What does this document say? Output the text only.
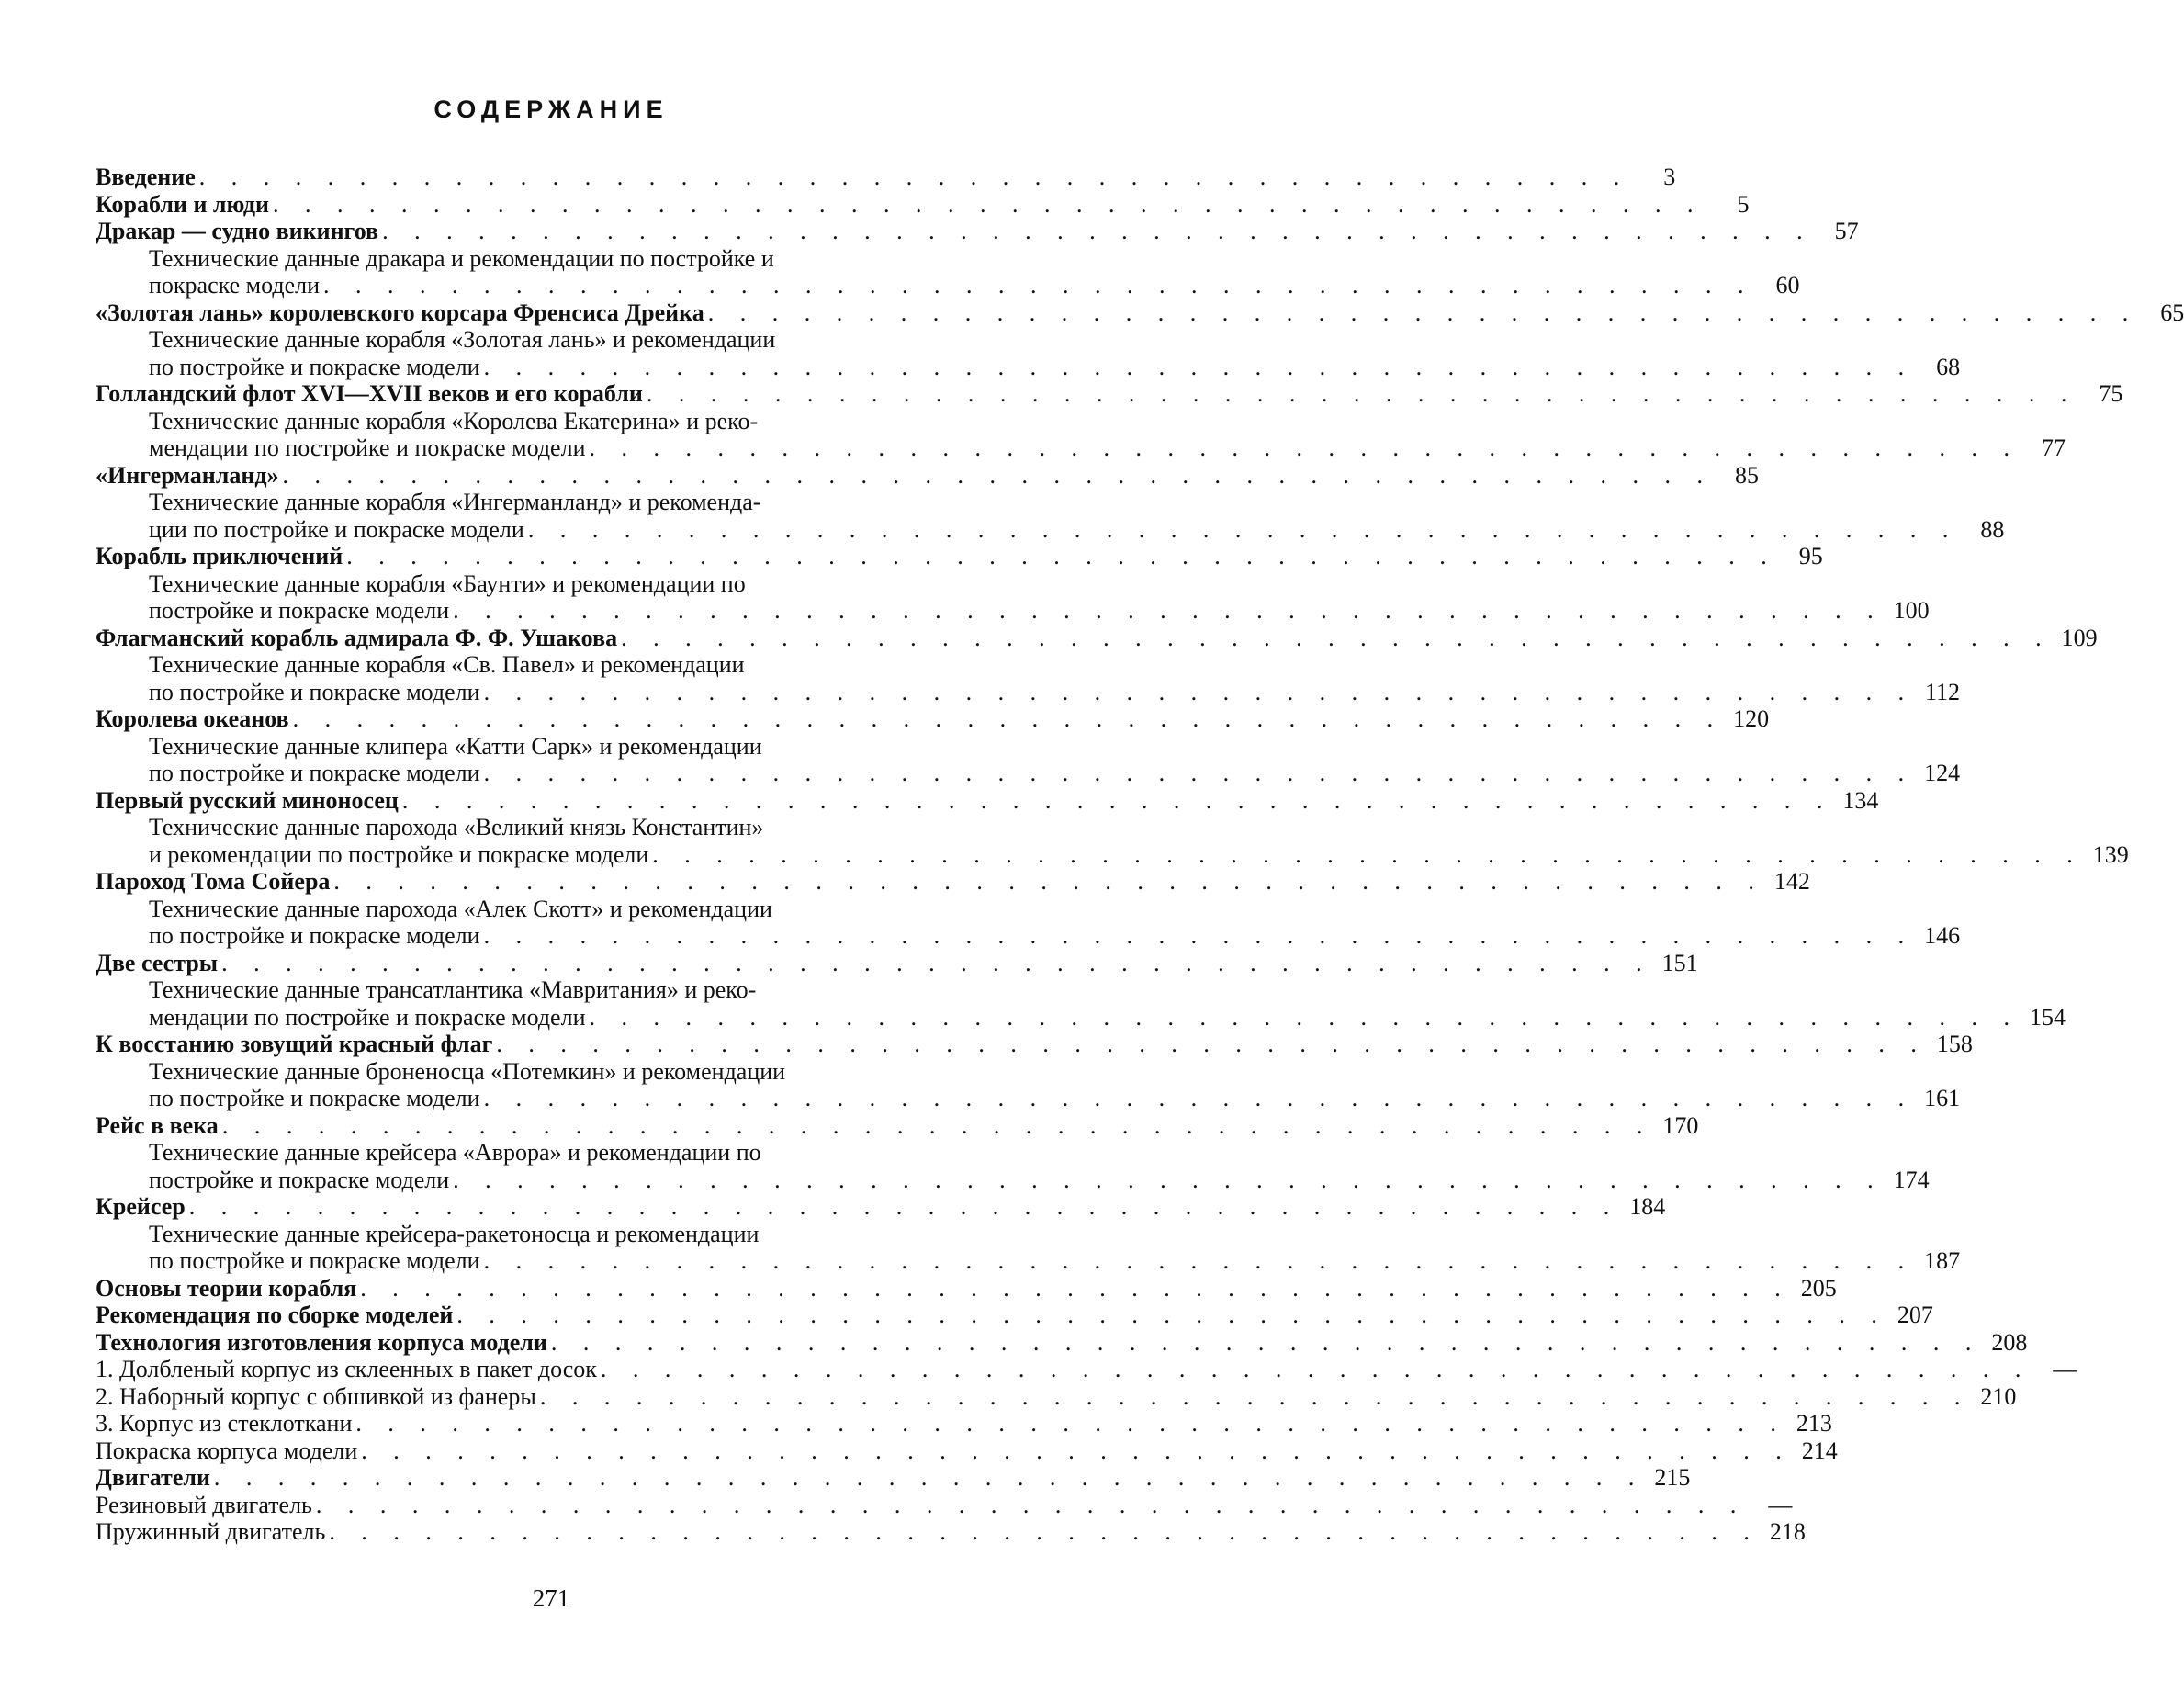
СОДЕРЖАНИЕ
Введение . . . . . . . . . . . . . . . . . . . . . . . . . . . . . . . . . . . . . . . . . . . . .	3
Корабли и люди . . . . . . . . . . . . . . . . . . . . . . . . . . . . . . . . . . . . . . . . . . . . .	5
Дракар — судно викингов . . . . . . . . . . . . . . . . . . . . . . . . . . . . . . . . . . . . . . . . . . . . . 57
Технические данные дракара и рекомендации по постройке и
покраске модели . . . . . . . . . . . . . . . . . . . . . . . . . . . . . . . . . . . . . . . . . . . . . 60
«Золотая лань» королевского корсара Френсиса Дрейка . . . . . . . . . . . . . . . . . . . . . . . . . . . . . . . . . . . . . . . . . . . . . 65
Технические данные корабля «Золотая лань» и рекомендации
по постройке и покраске модели . . . . . . . . . . . . . . . . . . . . . . . . . . . . . . . . . . . . . . . . . . . . . 68
Голландский флот XVI—XVII веков и его корабли . . . . . . . . . . . . . . . . . . . . . . . . . . . . . . . . . . . . . . . . . . . . . 75
Технические данные корабля «Королева Екатерина» и реко-
мендации по постройке и покраске модели . . . . . . . . . . . . . . . . . . . . . . . . . . . . . . . . . . . . . . . . . . . . . 77
«Ингерманланд» . . . . . . . . . . . . . . . . . . . . . . . . . . . . . . . . . . . . . . . . . . . . . 85
Технические данные корабля «Ингерманланд» и рекоменда-
ции по постройке и покраске модели . . . . . . . . . . . . . . . . . . . . . . . . . . . . . . . . . . . . . . . . . . . . . 88
Корабль приключений . . . . . . . . . . . . . . . . . . . . . . . . . . . . . . . . . . . . . . . . . . . . . 95
Технические данные корабля «Баунти» и рекомендации по
постройке и покраске модели . . . . . . . . . . . . . . . . . . . . . . . . . . . . . . . . . . . . . . . . . . . . . 100
Флагманский корабль адмирала Ф. Ф. Ушакова . . . . . . . . . . . . . . . . . . . . . . . . . . . . . . . . . . . . . . . . . . . . . 109
Технические данные корабля «Св. Павел» и рекомендации
по постройке и покраске модели . . . . . . . . . . . . . . . . . . . . . . . . . . . . . . . . . . . . . . . . . . . . . 112
Королева океанов . . . . . . . . . . . . . . . . . . . . . . . . . . . . . . . . . . . . . . . . . . . . . 120
Технические данные клипера «Катти Сарк» и рекомендации
по постройке и покраске модели . . . . . . . . . . . . . . . . . . . . . . . . . . . . . . . . . . . . . . . . . . . . . 124
Первый русский миноносец . . . . . . . . . . . . . . . . . . . . . . . . . . . . . . . . . . . . . . . . . . . . . 134
Технические данные парохода «Великий князь Константин»
и рекомендации по постройке и покраске модели . . . . . . . . . . . . . . . . . . . . . . . . . . . . . . . . . . . . . . . . . . . . . 139
Пароход Тома Сойера . . . . . . . . . . . . . . . . . . . . . . . . . . . . . . . . . . . . . . . . . . . . . 142
Технические данные парохода «Алек Скотт» и рекомендации
по постройке и покраске модели . . . . . . . . . . . . . . . . . . . . . . . . . . . . . . . . . . . . . . . . . . . . . 146
Две сестры . . . . . . . . . . . . . . . . . . . . . . . . . . . . . . . . . . . . . . . . . . . . . 151
Технические данные трансатлантика «Мавритания» и реко-
мендации по постройке и покраске модели . . . . . . . . . . . . . . . . . . . . . . . . . . . . . . . . . . . . . . . . . . . . . 154
К восстанию зовущий красный флаг . . . . . . . . . . . . . . . . . . . . . . . . . . . . . . . . . . . . . . . . . . . . . 158
Технические данные броненосца «Потемкин» и рекомендации
по постройке и покраске модели . . . . . . . . . . . . . . . . . . . . . . . . . . . . . . . . . . . . . . . . . . . . . 161
Рейс в века . . . . . . . . . . . . . . . . . . . . . . . . . . . . . . . . . . . . . . . . . . . . . 170
Технические данные крейсера «Аврора» и рекомендации по
постройке и покраске модели . . . . . . . . . . . . . . . . . . . . . . . . . . . . . . . . . . . . . . . . . . . . . 174
Крейсер . . . . . . . . . . . . . . . . . . . . . . . . . . . . . . . . . . . . . . . . . . . . . 184
Технические данные крейсера-ракетоносца и рекомендации
по постройке и покраске модели . . . . . . . . . . . . . . . . . . . . . . . . . . . . . . . . . . . . . . . . . . . . . 187
Основы теории корабля . . . . . . . . . . . . . . . . . . . . . . . . . . . . . . . . . . . . . . . . . . . . . 205
Рекомендация по сборке моделей . . . . . . . . . . . . . . . . . . . . . . . . . . . . . . . . . . . . . . . . . . . . . 207
Технология изготовления корпуса модели . . . . . . . . . . . . . . . . . . . . . . . . . . . . . . . . . . . . . . . . . . . . . 208
1. Долбленый корпус из склеенных в пакет досок . . . . . . . . . . . . . . . . . . . . . . . . . . . . . . . . . . . . . . . . . . . . . —
2. Наборный корпус с обшивкой из фанеры . . . . . . . . . . . . . . . . . . . . . . . . . . . . . . . . . . . . . . . . . . . . . 210
3. Корпус из стеклоткани . . . . . . . . . . . . . . . . . . . . . . . . . . . . . . . . . . . . . . . . . . . . . 213
Покраска корпуса модели . . . . . . . . . . . . . . . . . . . . . . . . . . . . . . . . . . . . . . . . . . . . . 214
Двигатели . . . . . . . . . . . . . . . . . . . . . . . . . . . . . . . . . . . . . . . . . . . . . 215
Резиновый двигатель . . . . . . . . . . . . . . . . . . . . . . . . . . . . . . . . . . . . . . . . . . . . . —
Пружинный двигатель . . . . . . . . . . . . . . . . . . . . . . . . . . . . . . . . . . . . . . . . . . . . . 218
271
